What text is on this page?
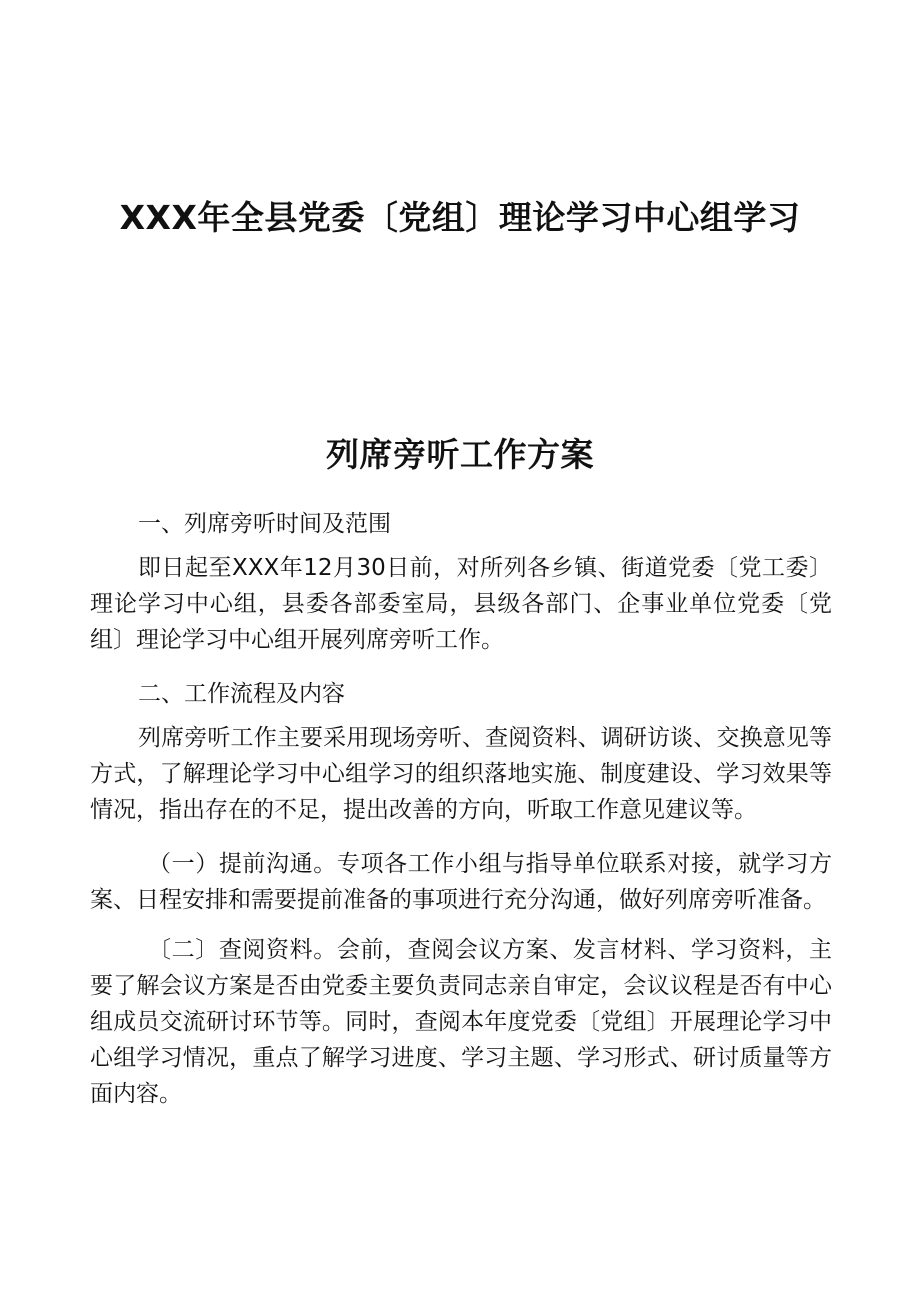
XXX年全县党委〔党组〕理论学习中心组学习
列席旁听工作方案

一、列席旁听时间及范围

即日起至XXX年12月30日前，对所列各乡镇、街道党委〔党工委〕理论学习中心组，县委各部委室局，县级各部门、企事业单位党委〔党组〕理论学习中心组开展列席旁听工作。

二、工作流程及内容

列席旁听工作主要采用现场旁听、查阅资料、调研访谈、交换意见等方式，了解理论学习中心组学习的组织落地实施、制度建设、学习效果等情况，指出存在的不足，提出改善的方向，听取工作意见建议等。

（一）提前沟通。专项各工作小组与指导单位联系对接，就学习方案、日程安排和需要提前准备的事项进行充分沟通，做好列席旁听准备。

〔二〕查阅资料。会前，查阅会议方案、发言材料、学习资料，主要了解会议方案是否由党委主要负责同志亲自审定，会议议程是否有中心组成员交流研讨环节等。同时，查阅本年度党委〔党组〕开展理论学习中心组学习情况，重点了解学习进度、学习主题、学习形式、研讨质量等方面内容。
